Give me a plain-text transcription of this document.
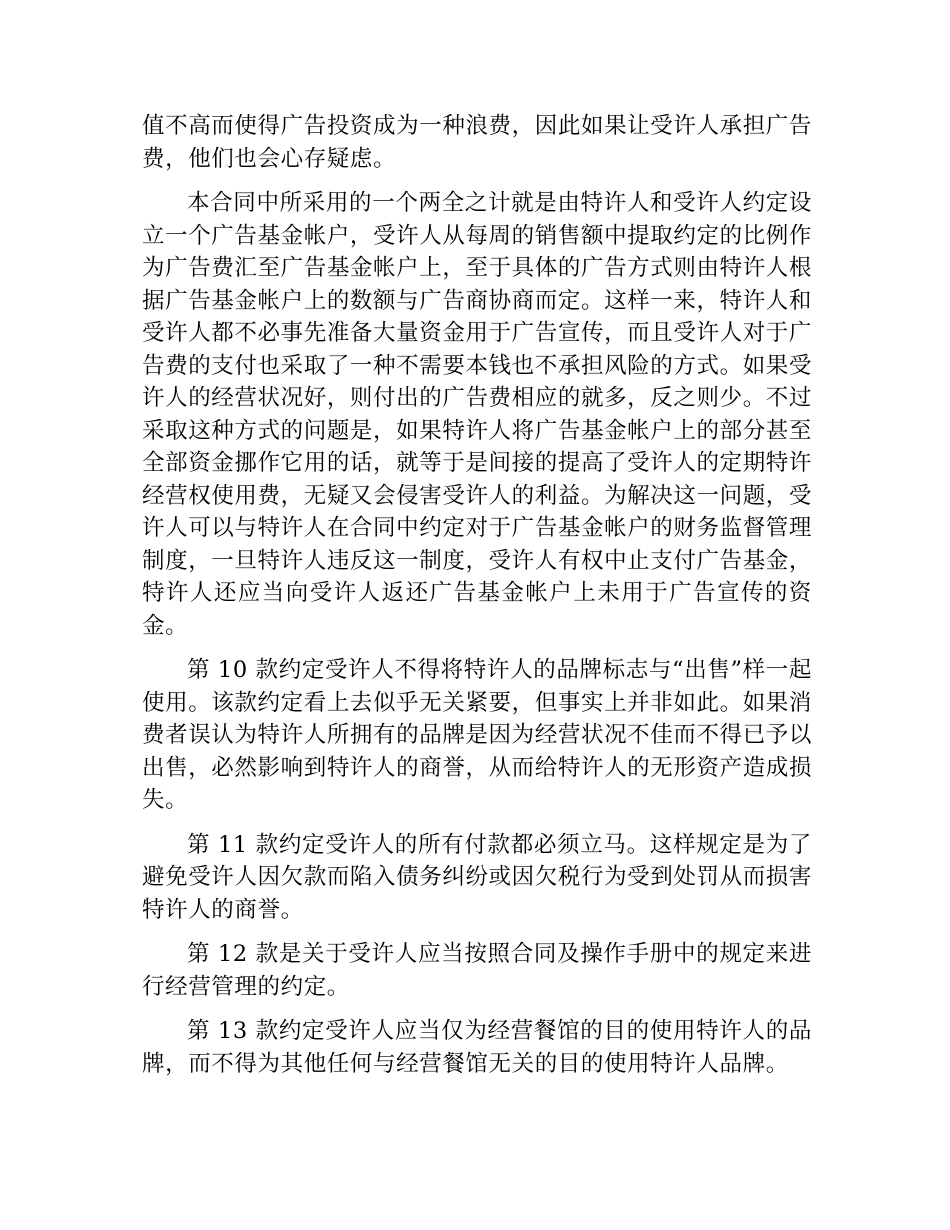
值不高而使得广告投资成为一种浪费，因此如果让受许人承担广告费，他们也会心存疑虑。

本合同中所采用的一个两全之计就是由特许人和受许人约定设立一个广告基金帐户，受许人从每周的销售额中提取约定的比例作为广告费汇至广告基金帐户上，至于具体的广告方式则由特许人根据广告基金帐户上的数额与广告商协商而定。这样一来，特许人和受许人都不必事先准备大量资金用于广告宣传，而且受许人对于广告费的支付也采取了一种不需要本钱也不承担风险的方式。如果受许人的经营状况好，则付出的广告费相应的就多，反之则少。不过采取这种方式的问题是，如果特许人将广告基金帐户上的部分甚至全部资金挪作它用的话，就等于是间接的提高了受许人的定期特许经营权使用费，无疑又会侵害受许人的利益。为解决这一问题，受许人可以与特许人在合同中约定对于广告基金帐户的财务监督管理制度，一旦特许人违反这一制度，受许人有权中止支付广告基金，特许人还应当向受许人返还广告基金帐户上未用于广告宣传的资金。

第 10 款约定受许人不得将特许人的品牌标志与“出售”样一起使用。该款约定看上去似乎无关紧要，但事实上并非如此。如果消费者误认为特许人所拥有的品牌是因为经营状况不佳而不得已予以出售，必然影响到特许人的商誉，从而给特许人的无形资产造成损失。

第 11 款约定受许人的所有付款都必须立马。这样规定是为了避免受许人因欠款而陷入债务纠纷或因欠税行为受到处罚从而损害特许人的商誉。

第 12 款是关于受许人应当按照合同及操作手册中的规定来进行经营管理的约定。

第 13 款约定受许人应当仅为经营餐馆的目的使用特许人的品牌，而不得为其他任何与经营餐馆无关的目的使用特许人品牌。
